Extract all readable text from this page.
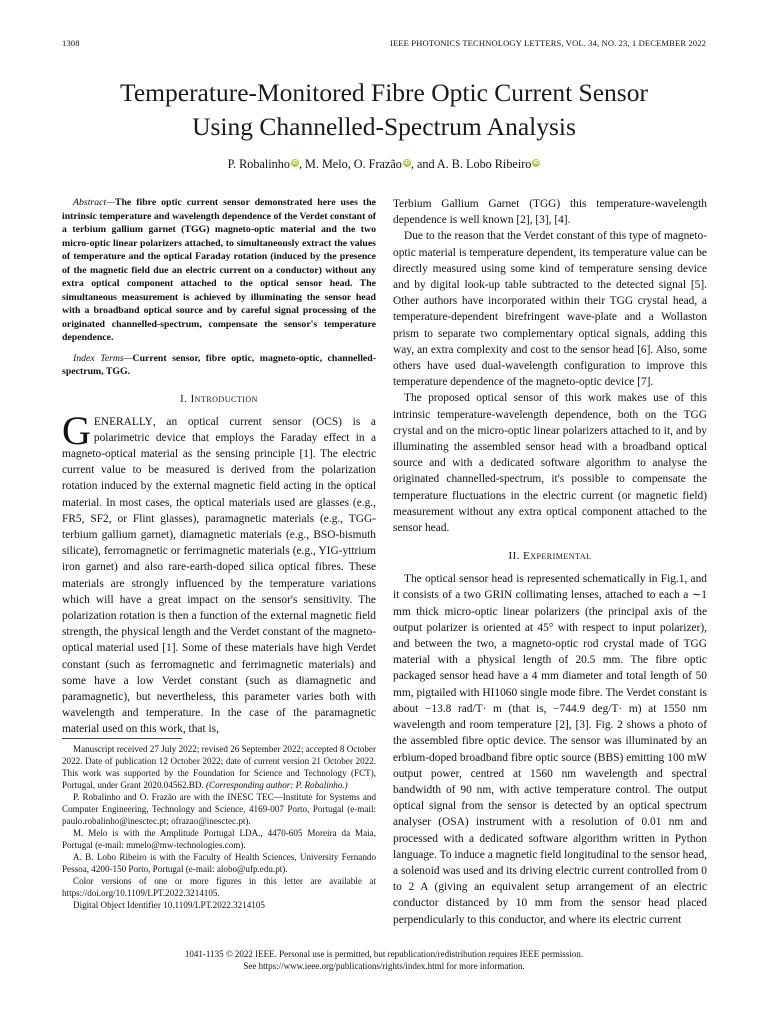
1308	IEEE PHOTONICS TECHNOLOGY LETTERS, VOL. 34, NO. 23, 1 DECEMBER 2022
Temperature-Monitored Fibre Optic Current Sensor
Using Channelled-Spectrum Analysis
P. Robalinho iD, M. Melo, O. Frazão iD, and A. B. Lobo Ribeiro iD

Abstract—The fibre optic current sensor demonstrated here uses the intrinsic temperature and wavelength dependence of the Verdet constant of a terbium gallium garnet (TGG) magneto-optic material and the two micro-optic linear polarizers attached, to simultaneously extract the values of temperature and the optical Faraday rotation (induced by the presence of the magnetic field due an electric current on a conductor) without any extra optical component attached to the optical sensor head. The simultaneous measurement is achieved by illuminating the sensor head with a broadband optical source and by careful signal processing of the originated channelled-spectrum, compensate the sensor's temperature dependence.

Index Terms—Current sensor, fibre optic, magneto-optic, channelled-spectrum, TGG.

I. Introduction

GENERALLY, an optical current sensor (OCS) is a polarimetric device that employs the Faraday effect in a magneto-optical material as the sensing principle [1]. The electric current value to be measured is derived from the polarization rotation induced by the external magnetic field acting in the optical material. In most cases, the optical materials used are glasses (e.g., FR5, SF2, or Flint glasses), paramagnetic materials (e.g., TGG-terbium gallium garnet), diamagnetic materials (e.g., BSO-bismuth silicate), ferromagnetic or ferrimagnetic materials (e.g., YIG-yttrium iron garnet) and also rare-earth-doped silica optical fibres. These materials are strongly influenced by the temperature variations which will have a great impact on the sensor's sensitivity. The polarization rotation is then a function of the external magnetic field strength, the physical length and the Verdet constant of the magneto-optical material used [1]. Some of these materials have high Verdet constant (such as ferromagnetic and ferrimagnetic materials) and some have a low Verdet constant (such as diamagnetic and paramagnetic), but nevertheless, this parameter varies both with wavelength and temperature. In the case of the paramagnetic material used on this work, that is,

Manuscript received 27 July 2022; revised 26 September 2022; accepted 8 October 2022. Date of publication 12 October 2022; date of current version 21 October 2022. This work was supported by the Foundation for Science and Technology (FCT), Portugal, under Grant 2020.04562.BD. (Corresponding author: P. Robalinho.)

P. Robalinho and O. Frazão are with the INESC TEC—Institute for Systems and Computer Engineering, Technology and Science, 4169-007 Porto, Portugal (e-mail: paulo.robalinho@inesctec.pt; ofrazao@inesctec.pt).

M. Melo is with the Amplitude Portugal LDA., 4470-605 Moreira da Maia, Portugal (e-mail: mmelo@mw-technologies.com).

A. B. Lobo Ribeiro is with the Faculty of Health Sciences, University Fernando Pessoa, 4200-150 Porto, Portugal (e-mail: alobo@ufp.edu.pt).

Color versions of one or more figures in this letter are available at https://doi.org/10.1109/LPT.2022.3214105.

Digital Object Identifier 10.1109/LPT.2022.3214105

Terbium Gallium Garnet (TGG) this temperature-wavelength dependence is well known [2], [3], [4].

Due to the reason that the Verdet constant of this type of magneto-optic material is temperature dependent, its temperature value can be directly measured using some kind of temperature sensing device and by digital look-up table subtracted to the detected signal [5]. Other authors have incorporated within their TGG crystal head, a temperature-dependent birefringent wave-plate and a Wollaston prism to separate two complementary optical signals, adding this way, an extra complexity and cost to the sensor head [6]. Also, some others have used dual-wavelength configuration to improve this temperature dependence of the magneto-optic device [7].

The proposed optical sensor of this work makes use of this intrinsic temperature-wavelength dependence, both on the TGG crystal and on the micro-optic linear polarizers attached to it, and by illuminating the assembled sensor head with a broadband optical source and with a dedicated software algorithm to analyse the originated channelled-spectrum, it's possible to compensate the temperature fluctuations in the electric current (or magnetic field) measurement without any extra optical component attached to the sensor head.

II. Experimental

The optical sensor head is represented schematically in Fig.1, and it consists of a two GRIN collimating lenses, attached to each a ∼1 mm thick micro-optic linear polarizers (the principal axis of the output polarizer is oriented at 45° with respect to input polarizer), and between the two, a magneto-optic rod crystal made of TGG material with a physical length of 20.5 mm. The fibre optic packaged sensor head have a 4 mm diameter and total length of 50 mm, pigtailed with HI1060 single mode fibre. The Verdet constant is about −13.8 rad/T· m (that is, −744.9 deg/T· m) at 1550 nm wavelength and room temperature [2], [3]. Fig. 2 shows a photo of the assembled fibre optic device. The sensor was illuminated by an erbium-doped broadband fibre optic source (BBS) emitting 100 mW output power, centred at 1560 nm wavelength and spectral bandwidth of 90 nm, with active temperature control. The output optical signal from the sensor is detected by an optical spectrum analyser (OSA) instrument with a resolution of 0.01 nm and processed with a dedicated software algorithm written in Python language. To induce a magnetic field longitudinal to the sensor head, a solenoid was used and its driving electric current controlled from 0 to 2 A (giving an equivalent setup arrangement of an electric conductor distanced by 10 mm from the sensor head placed perpendicularly to this conductor, and where its electric current

1041-1135 © 2022 IEEE. Personal use is permitted, but republication/redistribution requires IEEE permission.
See https://www.ieee.org/publications/rights/index.html for more information.
